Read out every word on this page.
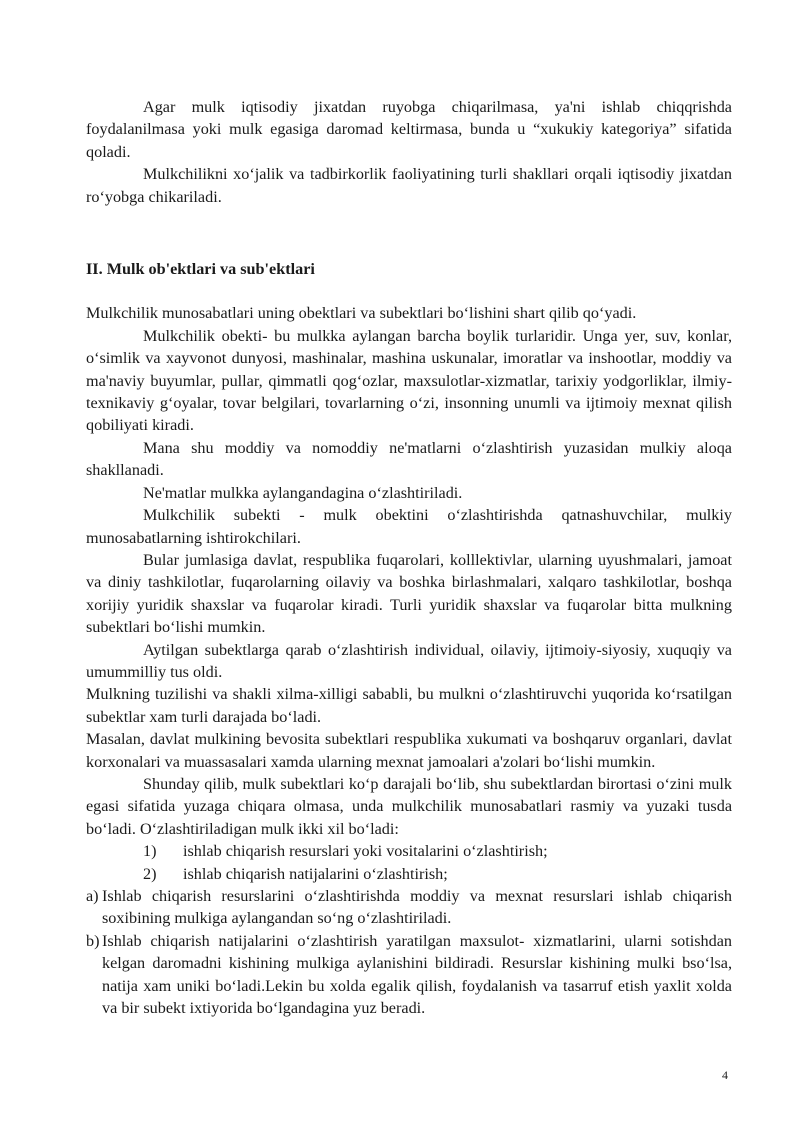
Agar mulk iqtisodiy jixatdan ruyobga chiqarilmasa, ya'ni ishlab chiqqrishda foydalanilmasa yoki mulk egasiga daromad keltirmasa, bunda u “xukukiy kategoriya” sifatida qoladi.

Mulkchilikni xo‘jalik va tadbirkorlik faoliyatining turli shakllari orqali iqtisodiy jixatdan ro‘yobga chikariladi.

II. Mulk ob'ektlari va sub'ektlari

Mulkchilik munosabatlari uning obektlari va subektlari bo‘lishini shart qilib qo‘yadi.

Mulkchilik obekti- bu mulkka aylangan barcha boylik turlaridir. Unga yer, suv, konlar, o‘simlik va xayvonot dunyosi, mashinalar, mashina uskunalar, imoratlar va inshootlar, moddiy va ma'naviy buyumlar, pullar, qimmatli qog‘ozlar, maxsulotlar-xizmatlar, tarixiy yodgorliklar, ilmiy-texnikaviy g‘oyalar, tovar belgilari, tovarlarning o‘zi, insonning unumli va ijtimoiy mexnat qilish qobiliyati kiradi.

Mana shu moddiy va nomoddiy ne'matlarni o‘zlashtirish yuzasidan mulkiy aloqa shakllanadi.

Ne'matlar mulkka aylangandagina o‘zlashtiriladi.

Mulkchilik subekti - mulk obektini o‘zlashtirishda qatnashuvchilar, mulkiy munosabatlarning ishtirokchilari.

Bular jumlasiga davlat, respublika fuqarolari, kolllektivlar, ularning uyushmalari, jamoat va diniy tashkilotlar, fuqarolarning oilaviy va boshka birlashmalari, xalqaro tashkilotlar, boshqa xorijiy yuridik shaxslar va fuqarolar kiradi. Turli yuridik shaxslar va fuqarolar bitta mulkning subektlari bo‘lishi mumkin.

Aytilgan subektlarga qarab o‘zlashtirish individual, oilaviy, ijtimoiy-siyosiy, xuquqiy va umummilliy tus oldi.

Mulkning tuzilishi va shakli xilma-xilligi sababli, bu mulkni o‘zlashtiruvchi yuqorida ko‘rsatilgan subektlar xam turli darajada bo‘ladi.

Masalan, davlat mulkining bevosita subektlari respublika xukumati va boshqaruv organlari, davlat korxonalari va muassasalari xamda ularning mexnat jamoalari a'zolari bo‘lishi mumkin.

Shunday qilib, mulk subektlari ko‘p darajali bo‘lib, shu subektlardan birortasi o‘zini mulk egasi sifatida yuzaga chiqara olmasa, unda mulkchilik munosabatlari rasmiy va yuzaki tusda bo‘ladi. O‘zlashtiriladigan mulk ikki xil bo‘ladi:

1)	ishlab chiqarish resurslari yoki vositalarini o‘zlashtirish;
2)	ishlab chiqarish natijalarini o‘zlashtirish;
a) Ishlab chiqarish resurslarini o‘zlashtirishda moddiy va mexnat resurslari ishlab chiqarish soxibining mulkiga aylangandan so‘ng o‘zlashtiriladi.
b) Ishlab chiqarish natijalarini o‘zlashtirish yaratilgan maxsulot- xizmatlarini, ularni sotishdan kelgan daromadni kishining mulkiga aylanishini bildiradi. Resurslar kishining mulki bso‘lsa, natija xam uniki bo‘ladi.Lekin bu xolda egalik qilish, foydalanish va tasarruf etish yaxlit xolda va bir subekt ixtiyorida bo‘lgandagina yuz beradi.
4
